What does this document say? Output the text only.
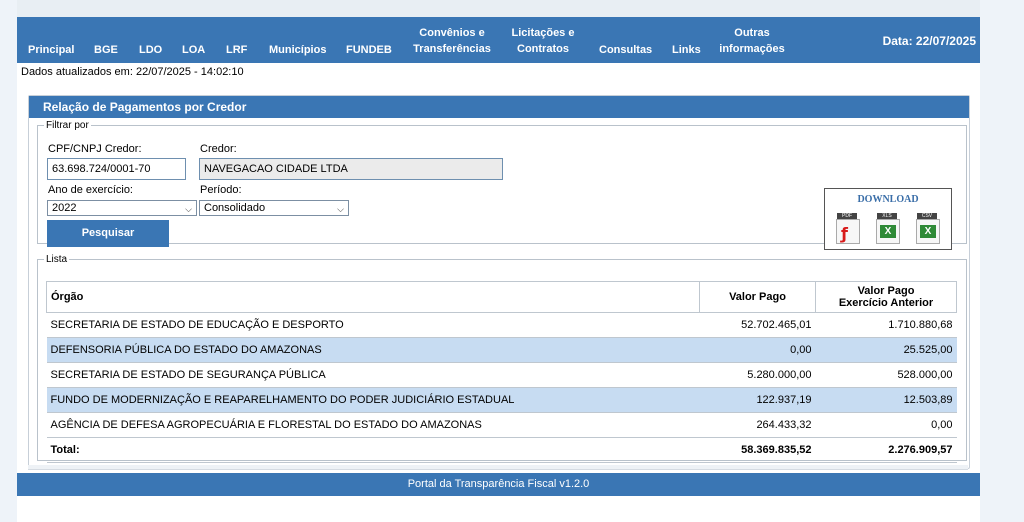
Principal BGE LDO LOA LRF Municípios FUNDEB
Convênios e
Transferências
Licitações e
Contratos	Consultas Links
Outras
informações
Data: 22/07/2025
Dados atualizados em: 22/07/2025 - 14:02:10
Relação de Pagamentos por Credor
Filtrar por
CPF/CNPJ Credor:
63.698.724/0001-70	Credor:
NAVEGACAO CIDADE LTDA
Ano de exercício:
2022	⌵
Período:
Consolidado	⌵
Pesquisar
DOWNLOAD
PDF
ƒ
XLS
X
CSV
X
Lista
Órgão	Valor Pago	Valor Pago
Exercício Anterior

SECRETARIA DE ESTADO DE EDUCAÇÃO E DESPORTO	52.702.465,01	1.710.880,68
DEFENSORIA PÚBLICA DO ESTADO DO AMAZONAS	0,00	25.525,00
SECRETARIA DE ESTADO DE SEGURANÇA PÚBLICA	5.280.000,00	528.000,00
FUNDO DE MODERNIZAÇÃO E REAPARELHAMENTO DO PODER JUDICIÁRIO ESTADUAL	122.937,19	12.503,89
AGÊNCIA DE DEFESA AGROPECUÁRIA E FLORESTAL DO ESTADO DO AMAZONAS	264.433,32	0,00
Total:	58.369.835,52	2.276.909,57
Portal da Transparência Fiscal v1.2.0
